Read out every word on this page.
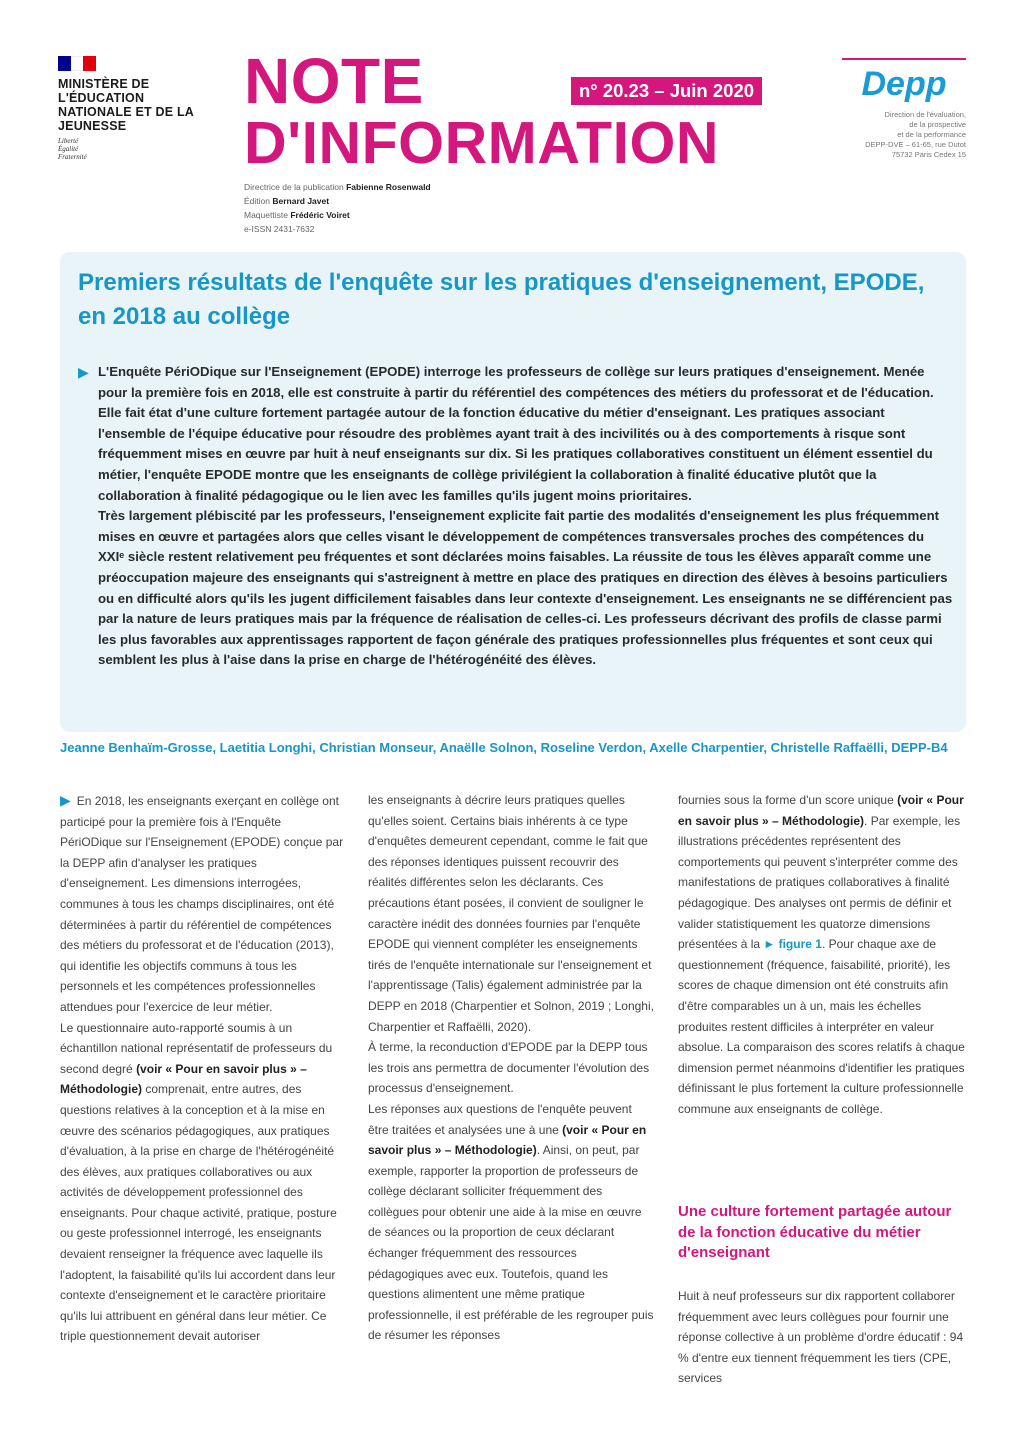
MINISTÈRE DE L'ÉDUCATION NATIONALE ET DE LA JEUNESSE
Liberté
Égalité
Fraternité
NOTE
D'INFORMATION
n° 20.23 – Juin 2020
Directrice de la publication Fabienne Rosenwald
Édition Bernard Javet
Maquettiste Frédéric Voiret
e-ISSN 2431-7632
Depp
Direction de l'évaluation,
de la prospective
et de la performance
DEPP-DVE – 61-65, rue Dutot
75732 Paris Cedex 15
Premiers résultats de l'enquête sur les pratiques d'enseignement, EPODE, en 2018 au collège
▶ L'Enquête PériODique sur l'Enseignement (EPODE) interroge les professeurs de collège sur leurs pratiques d'enseignement. Menée pour la première fois en 2018, elle est construite à partir du référentiel des compétences des métiers du professorat et de l'éducation. Elle fait état d'une culture fortement partagée autour de la fonction éducative du métier d'enseignant. Les pratiques associant l'ensemble de l'équipe éducative pour résoudre des problèmes ayant trait à des incivilités ou à des comportements à risque sont fréquemment mises en œuvre par huit à neuf enseignants sur dix. Si les pratiques collaboratives constituent un élément essentiel du métier, l'enquête EPODE montre que les enseignants de collège privilégient la collaboration à finalité éducative plutôt que la collaboration à finalité pédagogique ou le lien avec les familles qu'ils jugent moins prioritaires.
Très largement plébiscité par les professeurs, l'enseignement explicite fait partie des modalités d'enseignement les plus fréquemment mises en œuvre et partagées alors que celles visant le développement de compétences transversales proches des compétences du XXIᵉ siècle restent relativement peu fréquentes et sont déclarées moins faisables. La réussite de tous les élèves apparaît comme une préoccupation majeure des enseignants qui s'astreignent à mettre en place des pratiques en direction des élèves à besoins particuliers ou en difficulté alors qu'ils les jugent difficilement faisables dans leur contexte d'enseignement. Les enseignants ne se différencient pas par la nature de leurs pratiques mais par la fréquence de réalisation de celles-ci. Les professeurs décrivant des profils de classe parmi les plus favorables aux apprentissages rapportent de façon générale des pratiques professionnelles plus fréquentes et sont ceux qui semblent les plus à l'aise dans la prise en charge de l'hétérogénéité des élèves.
Jeanne Benhaïm-Grosse, Laetitia Longhi, Christian Monseur, Anaëlle Solnon, Roseline Verdon, Axelle Charpentier, Christelle Raffaëlli, DEPP-B4

▶ En 2018, les enseignants exerçant en collège ont participé pour la première fois à l'Enquête PériODique sur l'Enseignement (EPODE) conçue par la DEPP afin d'analyser les pratiques d'enseignement. Les dimensions interrogées, communes à tous les champs disciplinaires, ont été déterminées à partir du référentiel de compétences des métiers du professorat et de l'éducation (2013), qui identifie les objectifs communs à tous les personnels et les compétences professionnelles attendues pour l'exercice de leur métier.

Le questionnaire auto-rapporté soumis à un échantillon national représentatif de professeurs du second degré (voir « Pour en savoir plus » – Méthodologie) comprenait, entre autres, des questions relatives à la conception et à la mise en œuvre des scénarios pédagogiques, aux pratiques d'évaluation, à la prise en charge de l'hétérogénéité des élèves, aux pratiques collaboratives ou aux activités de développement professionnel des enseignants. Pour chaque activité, pratique, posture ou geste professionnel interrogé, les enseignants devaient renseigner la fréquence avec laquelle ils l'adoptent, la faisabilité qu'ils lui accordent dans leur contexte d'enseignement et le caractère prioritaire qu'ils lui attribuent en général dans leur métier. Ce triple questionnement devait autoriser

les enseignants à décrire leurs pratiques quelles qu'elles soient. Certains biais inhérents à ce type d'enquêtes demeurent cependant, comme le fait que des réponses identiques puissent recouvrir des réalités différentes selon les déclarants. Ces précautions étant posées, il convient de souligner le caractère inédit des données fournies par l'enquête EPODE qui viennent compléter les enseignements tirés de l'enquête internationale sur l'enseignement et l'apprentissage (Talis) également administrée par la DEPP en 2018 (Charpentier et Solnon, 2019 ; Longhi, Charpentier et Raffaëlli, 2020).

À terme, la reconduction d'EPODE par la DEPP tous les trois ans permettra de documenter l'évolution des processus d'enseignement.

Les réponses aux questions de l'enquête peuvent être traitées et analysées une à une (voir « Pour en savoir plus » – Méthodologie). Ainsi, on peut, par exemple, rapporter la proportion de professeurs de collège déclarant solliciter fréquemment des collègues pour obtenir une aide à la mise en œuvre de séances ou la proportion de ceux déclarant échanger fréquemment des ressources pédagogiques avec eux. Toutefois, quand les questions alimentent une même pratique professionnelle, il est préférable de les regrouper puis de résumer les réponses

fournies sous la forme d'un score unique (voir « Pour en savoir plus » – Méthodologie). Par exemple, les illustrations précédentes représentent des comportements qui peuvent s'interpréter comme des manifestations de pratiques collaboratives à finalité pédagogique. Des analyses ont permis de définir et valider statistiquement les quatorze dimensions présentées à la ► figure 1. Pour chaque axe de questionnement (fréquence, faisabilité, priorité), les scores de chaque dimension ont été construits afin d'être comparables un à un, mais les échelles produites restent difficiles à interpréter en valeur absolue. La comparaison des scores relatifs à chaque dimension permet néanmoins d'identifier les pratiques définissant le plus fortement la culture professionnelle commune aux enseignants de collège.

Une culture fortement partagée autour de la fonction éducative du métier d'enseignant
Huit à neuf professeurs sur dix rapportent collaborer fréquemment avec leurs collègues pour fournir une réponse collective à un problème d'ordre éducatif : 94 % d'entre eux tiennent fréquemment les tiers (CPE, services
